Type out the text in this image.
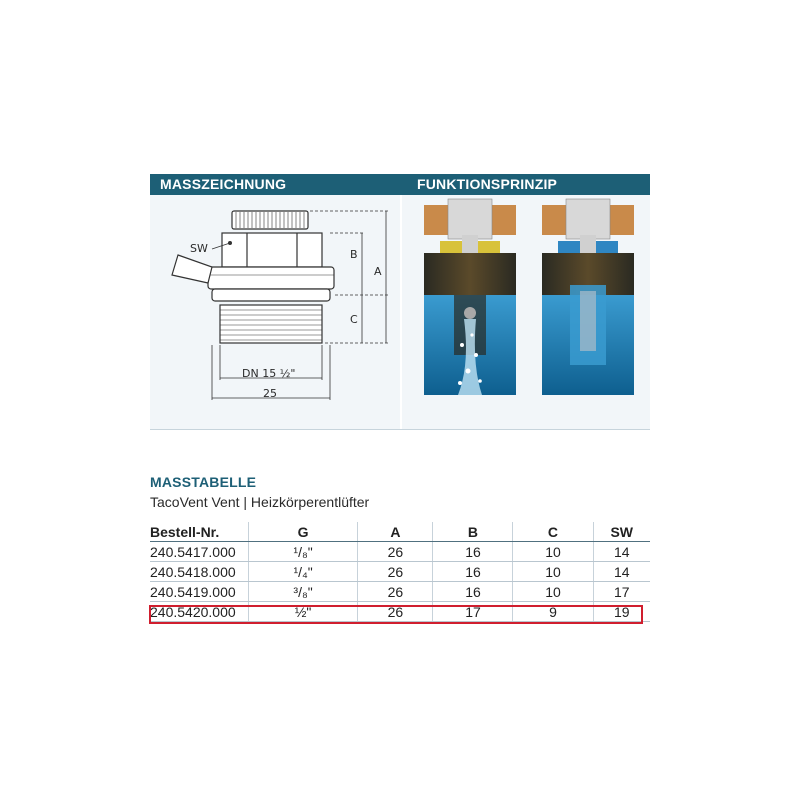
MASSZEICHNUNG	FUNKTIONSPRINZIP
SW	B
A
C
DN 15 ½"
25
MASSTABELLE
TacoVent Vent | Heizkörperentlüfter
Bestell-Nr.	G	A	B	C	SW
240.5417.000	¹/₈"	26	16	10	14
240.5418.000	¹/₄"	26	16	10	14
240.5419.000	³/₈"	26	16	10	17
240.5420.000	½"	26	17	9	19
